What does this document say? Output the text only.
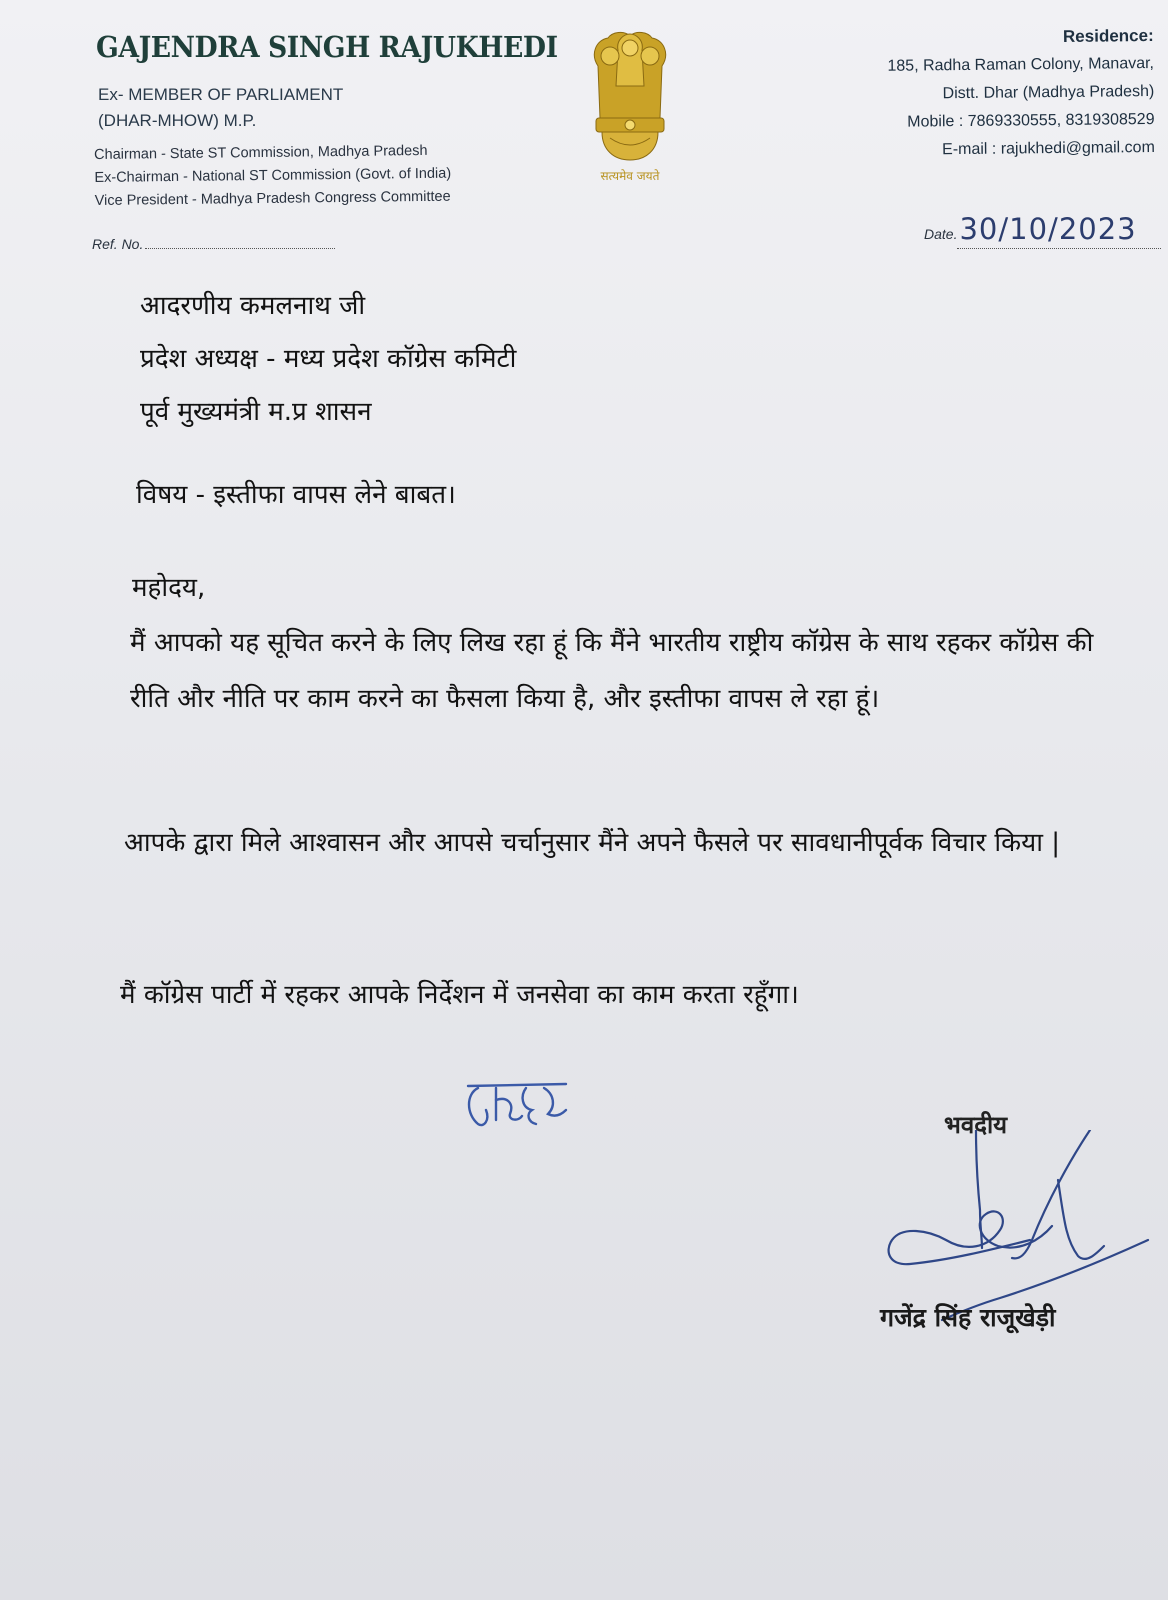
GAJENDRA SINGH RAJUKHEDI
Ex- MEMBER OF PARLIAMENT
(DHAR-MHOW) M.P.
Chairman - State ST Commission, Madhya Pradesh
Ex-Chairman - National ST Commission (Govt. of India)
Vice President - Madhya Pradesh Congress Committee
सत्यमेव जयते
Residence:
185, Radha Raman Colony, Manavar,
Distt. Dhar (Madhya Pradesh)
Mobile : 7869330555, 8319308529
E-mail : rajukhedi@gmail.com
Ref. No.
Date.30/10/2023
आदरणीय कमलनाथ जी
प्रदेश अध्यक्ष - मध्य प्रदेश कॉग्रेस कमिटी
पूर्व मुख्यमंत्री म.प्र शासन
विषय - इस्तीफा वापस लेने बाबत।
महोदय,
मैं आपको यह सूचित करने के लिए लिख रहा हूं कि मैंने भारतीय राष्ट्रीय कॉग्रेस के साथ रहकर कॉग्रेस की रीति और नीति पर काम करने का फैसला किया है, और इस्तीफा वापस ले रहा हूं।
आपके द्वारा मिले आश्वासन और आपसे चर्चानुसार मैंने अपने फैसले पर सावधानीपूर्वक विचार किया |
मैं कॉग्रेस पार्टी में रहकर आपके निर्देशन में जनसेवा का काम करता रहूँगा।
भवदीय
गजेंद्र सिंह राजूखेड़ी
